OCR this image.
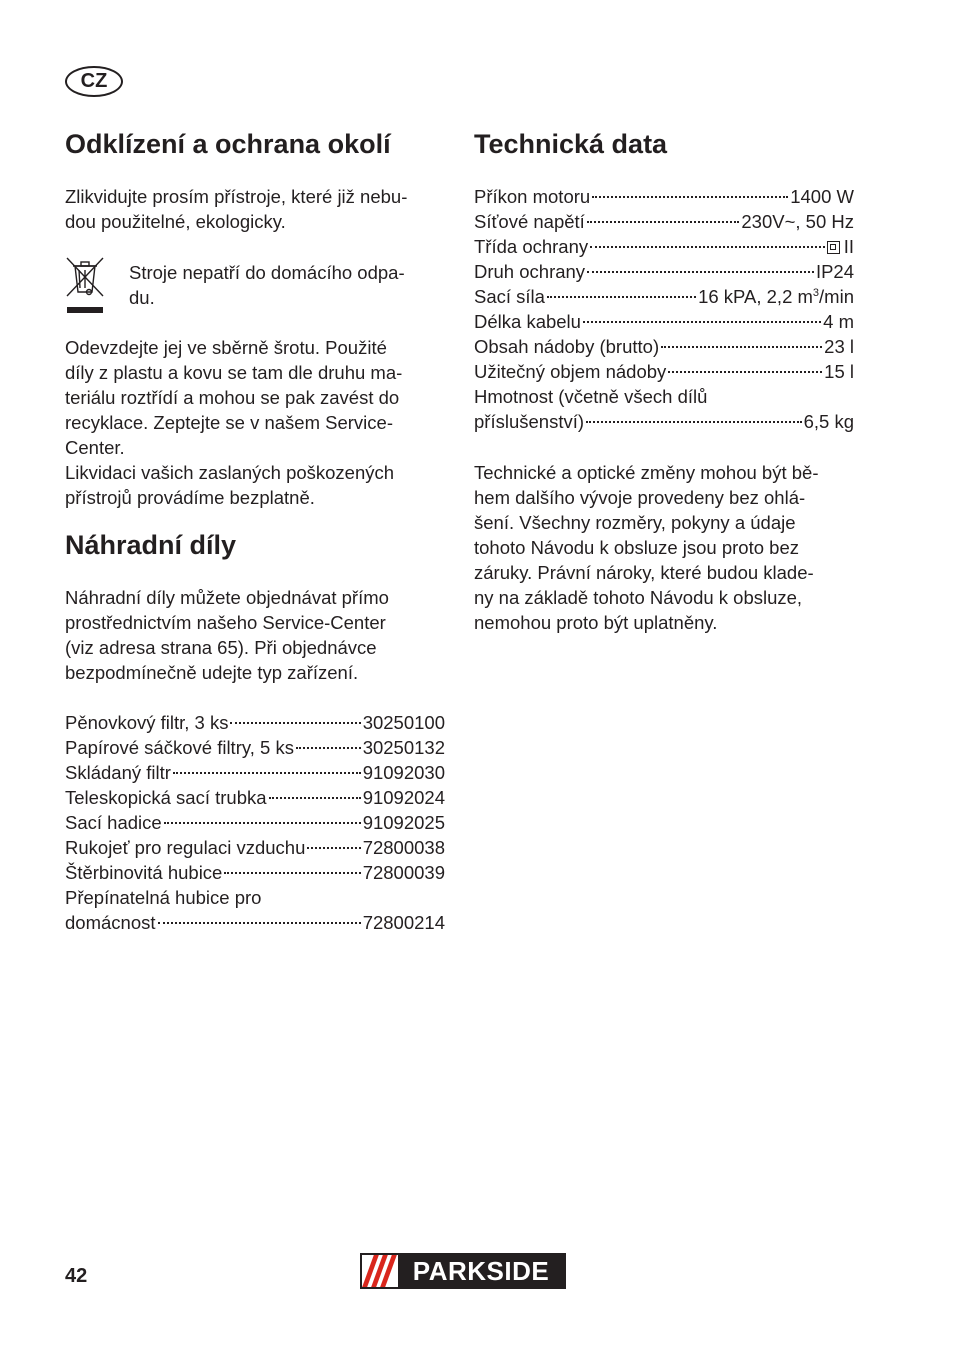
CZ
Odklízení a ochrana okolí

Zlikvidujte prosím přístroje, které již nebu-
dou použitelné, ekologicky.

Stroje nepatří do domácího odpa-
du.

Odevzdejte jej ve sběrně šrotu. Použité
díly z plastu a kovu se tam dle druhu ma-
teriálu roztřídí a mohou se pak zavést do
recyklace. Zeptejte se v našem Service-
Center.
Likvidaci vašich zaslaných poškozených
přístrojů provádíme bezplatně.

Náhradní díly

Náhradní díly můžete objednávat přímo
prostřednictvím našeho Service-Center
(viz adresa strana 65). Při objednávce
bezpodmínečně udejte typ zařízení.

Pěnovkový filtr, 3 ks	30250100
Papírové sáčkové filtry, 5 ks	30250132
Skládaný filtr	91092030
Teleskopická sací trubka	91092024
Sací hadice	91092025
Rukojeť pro regulaci vzduchu	72800038
Štěrbinovitá hubice	72800039
Přepínatelná hubice pro
domácnost	72800214
Technická data
Příkon motoru	1400 W
Síťové napětí	230V~, 50 Hz
Třída ochrany	II
Druh ochrany	IP24
Sací síla	16 kPA, 2,2 $m^3/\min$
Délka kabelu	4 m
Obsah nádoby (brutto)	23 l
Užitečný objem nádoby	15 l
Hmotnost (včetně všech dílů
příslušenství)	6,5 kg

Technické a optické změny mohou být bě-
hem dalšího vývoje provedeny bez ohlá-
šení. Všechny rozměry, pokyny a údaje
tohoto Návodu k obsluze jsou proto bez
záruky. Právní nároky, které budou klade-
ny na základě tohoto Návodu k obsluze,
nemohou proto být uplatněny.

42	PARKSIDE
